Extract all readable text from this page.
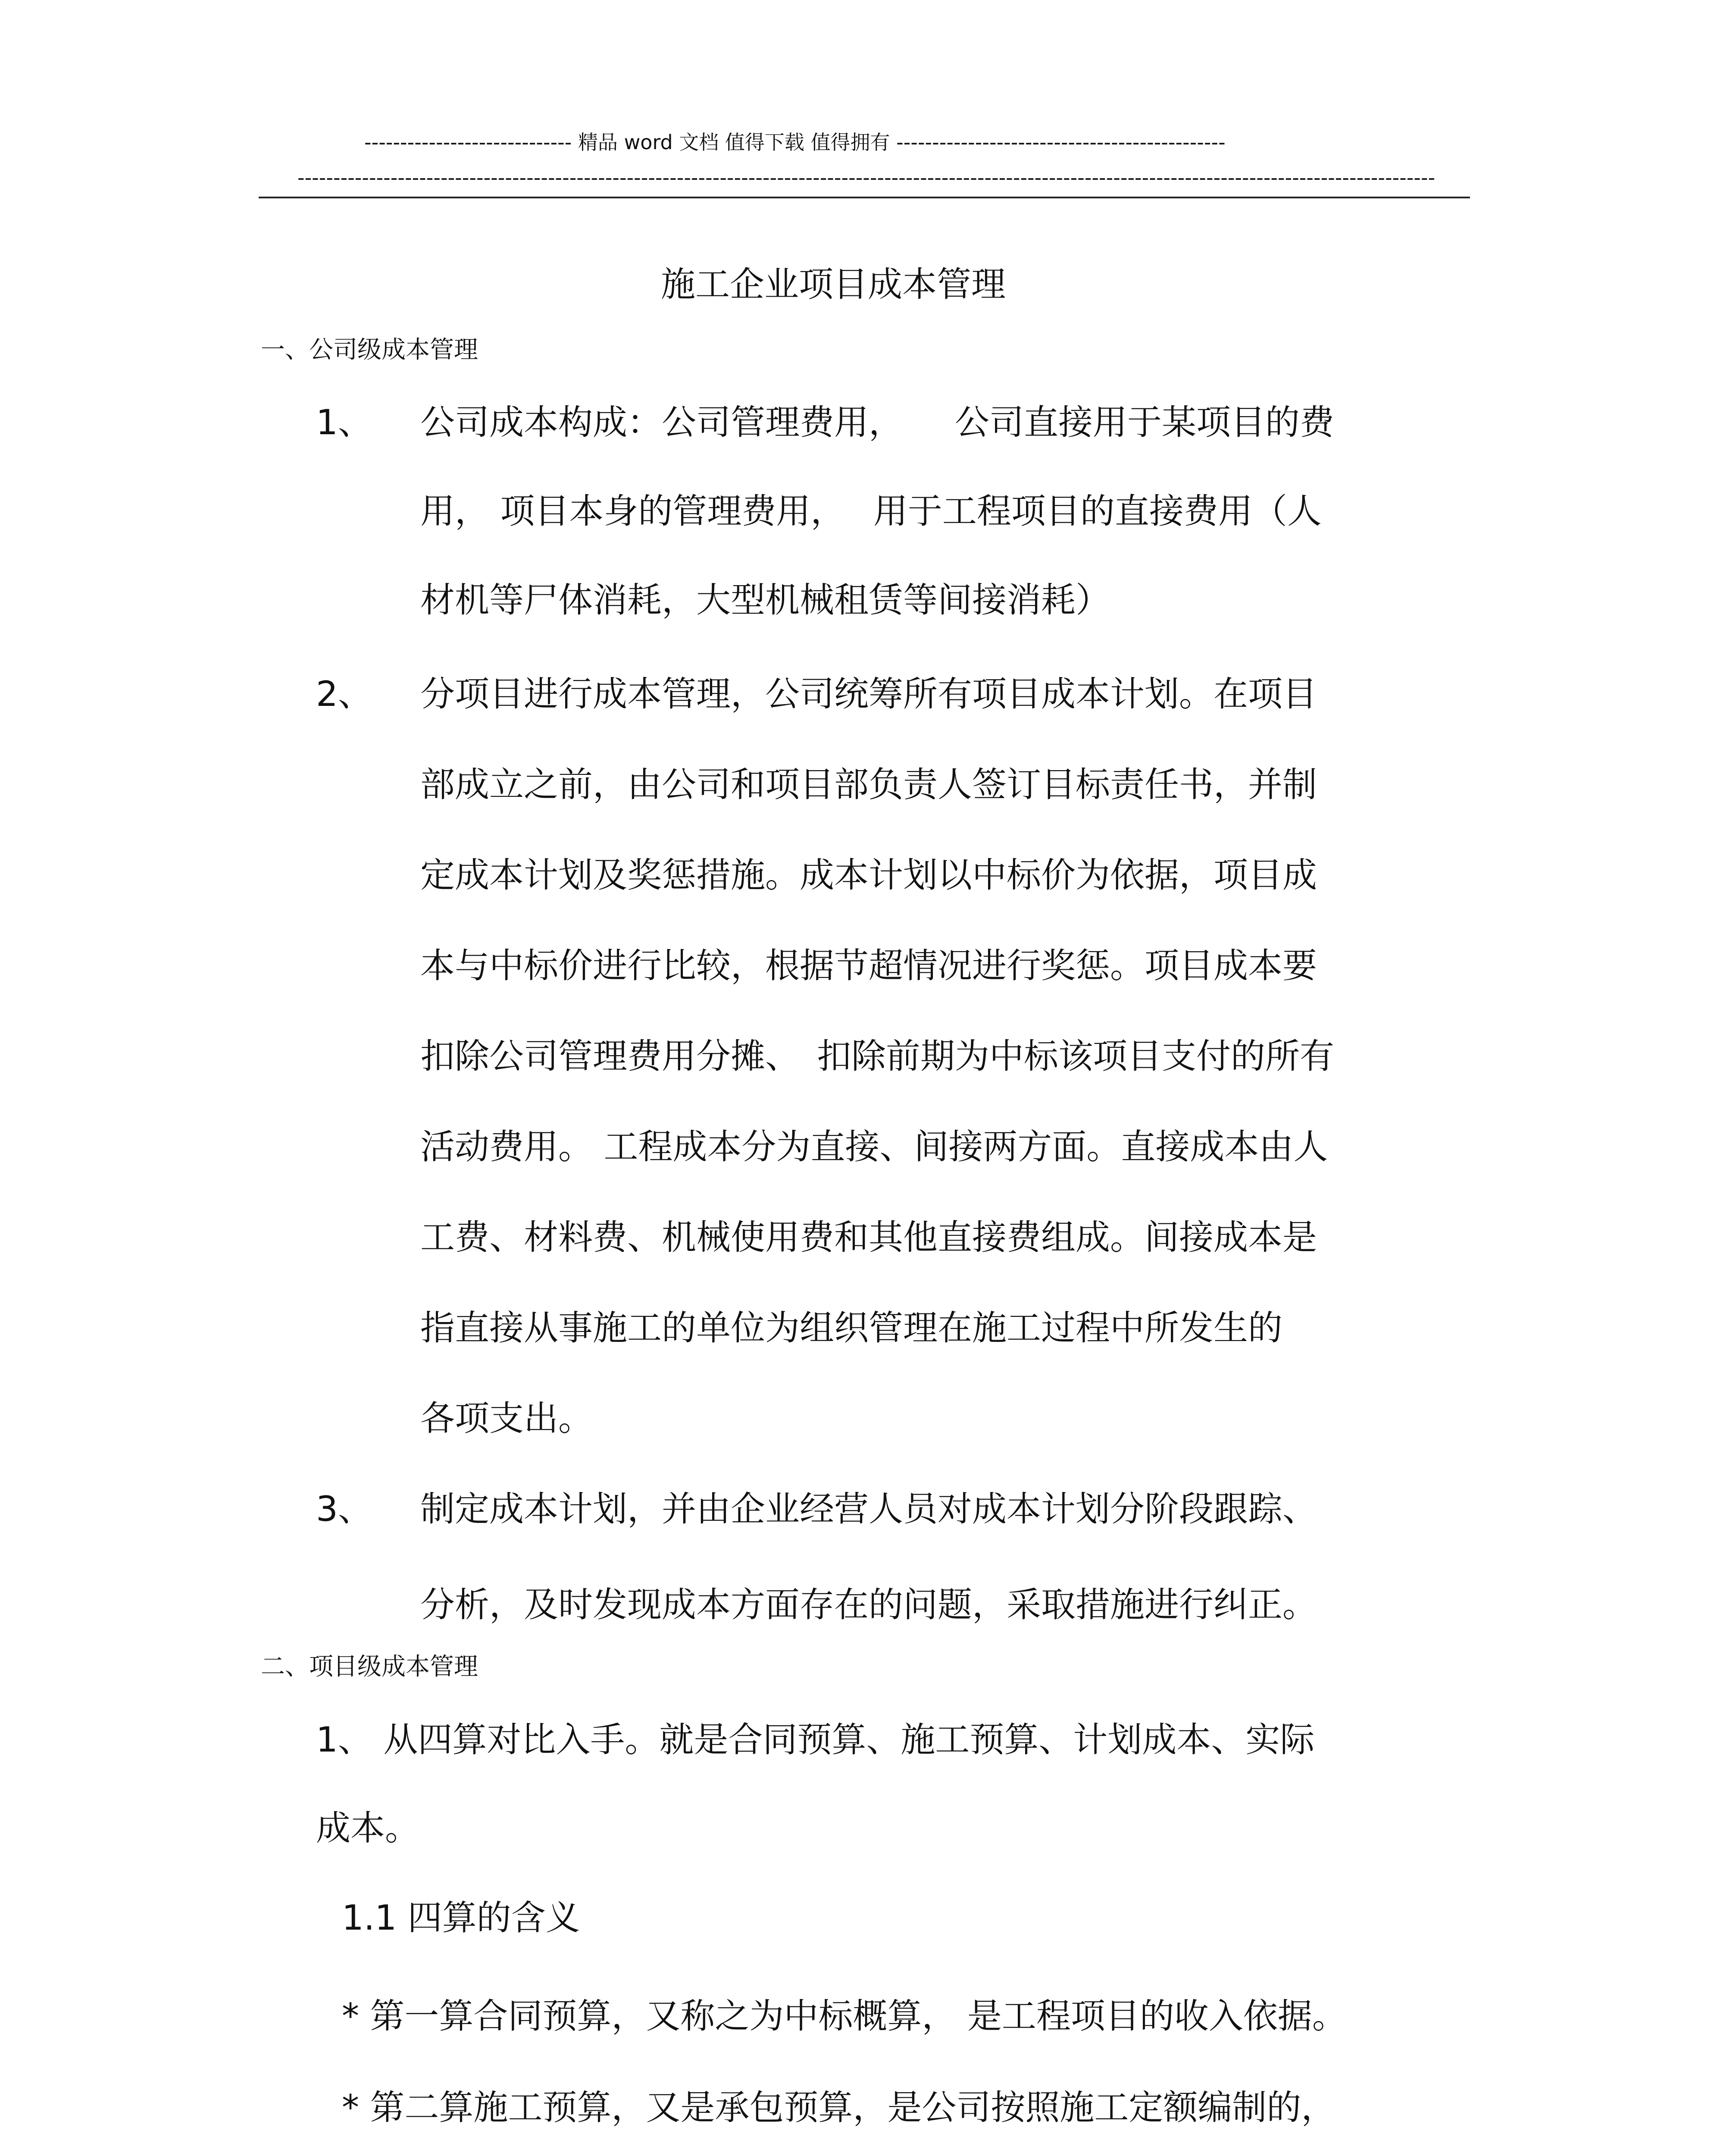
----------------------------- 精品 word 文档 值得下载 值得拥有 ----------------------------------------------
---------------------------------------------------------------------------------------------------------------------------------------------------------------
施工企业项目成本管理
一、公司级成本管理
1、 公司成本构成：公司管理费用，　　公司直接用于某项目的费
用， 项目本身的管理费用，　 用于工程项目的直接费用（人
材机等尸体消耗，大型机械租赁等间接消耗）
2、 分项目进行成本管理，公司统筹所有项目成本计划。在项目
部成立之前，由公司和项目部负责人签订目标责任书，并制
定成本计划及奖惩措施。成本计划以中标价为依据，项目成
本与中标价进行比较，根据节超情况进行奖惩。项目成本要
扣除公司管理费用分摊、　扣除前期为中标该项目支付的所有
活动费用。 工程成本分为直接、间接两方面。直接成本由人
工费、材料费、机械使用费和其他直接费组成。间接成本是
指直接从事施工的单位为组织管理在施工过程中所发生的
各项支出。
3、 制定成本计划，并由企业经营人员对成本计划分阶段跟踪、
分析，及时发现成本方面存在的问题，采取措施进行纠正。
二、项目级成本管理
1、 从四算对比入手。就是合同预算、施工预算、计划成本、实际
成本。
1.1 四算的含义
* 第一算合同预算，又称之为中标概算， 是工程项目的收入依据。
* 第二算施工预算，又是承包预算，是公司按照施工定额编制的，
